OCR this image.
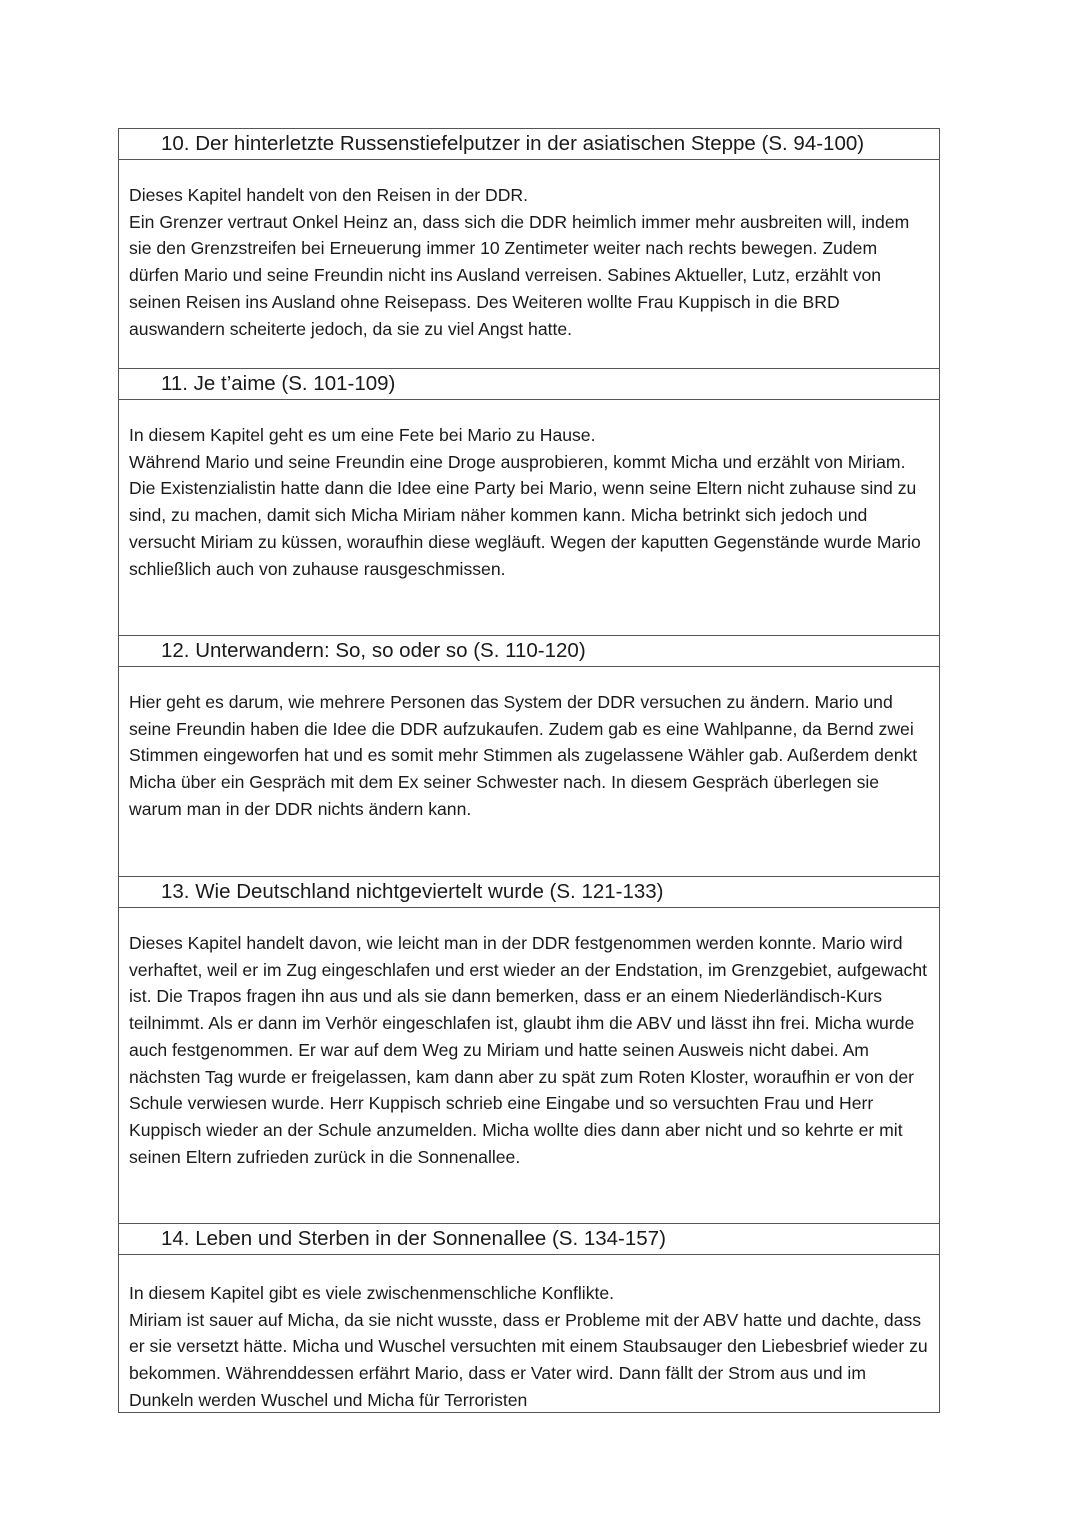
10. Der hinterletzte Russenstiefelputzer in der asiatischen Steppe (S. 94-100)

Dieses Kapitel handelt von den Reisen in der DDR.

Ein Grenzer vertraut Onkel Heinz an, dass sich die DDR heimlich immer mehr ausbreiten will, indem sie den Grenzstreifen bei Erneuerung immer 10 Zentimeter weiter nach rechts bewegen. Zudem dürfen Mario und seine Freundin nicht ins Ausland verreisen. Sabines Aktueller, Lutz, erzählt von seinen Reisen ins Ausland ohne Reisepass. Des Weiteren wollte Frau Kuppisch in die BRD auswandern scheiterte jedoch, da sie zu viel Angst hatte.

11. Je t’aime (S. 101-109)

In diesem Kapitel geht es um eine Fete bei Mario zu Hause.

Während Mario und seine Freundin eine Droge ausprobieren, kommt Micha und erzählt von Miriam. Die Existenzialistin hatte dann die Idee eine Party bei Mario, wenn seine Eltern nicht zuhause sind zu sind, zu machen, damit sich Micha Miriam näher kommen kann. Micha betrinkt sich jedoch und versucht Miriam zu küssen, woraufhin diese wegläuft. Wegen der kaputten Gegenstände wurde Mario schließlich auch von zuhause rausgeschmissen.

12. Unterwandern: So, so oder so (S. 110-120)

Hier geht es darum, wie mehrere Personen das System der DDR versuchen zu ändern. Mario und seine Freundin haben die Idee die DDR aufzukaufen. Zudem gab es eine Wahlpanne, da Bernd zwei Stimmen eingeworfen hat und es somit mehr Stimmen als zugelassene Wähler gab. Außerdem denkt Micha über ein Gespräch mit dem Ex seiner Schwester nach. In diesem Gespräch überlegen sie warum man in der DDR nichts ändern kann.

13. Wie Deutschland nichtgeviertelt wurde (S. 121-133)

Dieses Kapitel handelt davon, wie leicht man in der DDR festgenommen werden konnte. Mario wird verhaftet, weil er im Zug eingeschlafen und erst wieder an der Endstation, im Grenzgebiet, aufgewacht ist. Die Trapos fragen ihn aus und als sie dann bemerken, dass er an einem Niederländisch-Kurs teilnimmt. Als er dann im Verhör eingeschlafen ist, glaubt ihm die ABV und lässt ihn frei. Micha wurde auch festgenommen. Er war auf dem Weg zu Miriam und hatte seinen Ausweis nicht dabei. Am nächsten Tag wurde er freigelassen, kam dann aber zu spät zum Roten Kloster, woraufhin er von der Schule verwiesen wurde. Herr Kuppisch schrieb eine Eingabe und so versuchten Frau und Herr Kuppisch wieder an der Schule anzumelden. Micha wollte dies dann aber nicht und so kehrte er mit seinen Eltern zufrieden zurück in die Sonnenallee.

14. Leben und Sterben in der Sonnenallee (S. 134-157)

In diesem Kapitel gibt es viele zwischenmenschliche Konflikte.

Miriam ist sauer auf Micha, da sie nicht wusste, dass er Probleme mit der ABV hatte und dachte, dass er sie versetzt hätte. Micha und Wuschel versuchten mit einem Staubsauger den Liebesbrief wieder zu bekommen. Währenddessen erfährt Mario, dass er Vater wird. Dann fällt der Strom aus und im Dunkeln werden Wuschel und Micha für Terroristen
